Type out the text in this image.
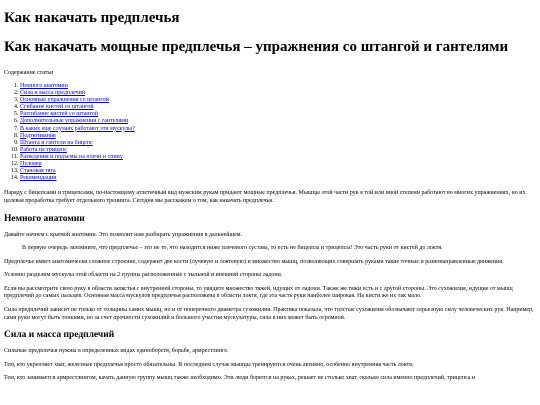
Как накачать предплечья
Как накачать мощные предплечья – упражнения со штангой и гантелями
Содержание статьи
1. Немного анатомии
2. Сила и масса предплечий
3. Основные упражнения со штангой
4. Сгибание кистей со штангой
5. Разгибание кистей со штангой
6. Дополнительные упражнения с гантелями
7. В каких еще случаях работают эти мускулы?
8. Подтягивания
9. Штанга и гантели на бицепс
10. Работа на трицепс
11. Разведения и подъемы на плечи и спину
12. Пуловер
13. Становая тяга
14. Рекомендации

Наряду с бицепсами и трицепсами, по-настоящему атлетичный вид мужским рукам придают мощные предплечья. Мышцы этой части рук в той или иной степени работают во многих упражнениях, но их целевая проработка требует отдельного тренинга. Сегодня мы расскажем о том, как накачать предплечья.

Немного анатомии

Давайте начнем с краткой анатомии. Это позволит нам разбирать упражнения в дальнейшем.

В первую очередь запомните, что предплечье – это не то, что находится ниже плечевого сустава, то есть не бицепсы и трицепсы! Это часть руки от кистей до локтя.

Предплечье имеет анатомически сложное строение, содержит две кости (лучевую и локтевую) и множество мышц, позволяющих совершать руками такие точные и разнонаправленные движения.

Условно разделим мускулы этой области на 2 группы расположенные с тыльной и внешней стороны ладони.

Если вы рассмотрите свою руку в области запястья с внутренней стороны, то увидите множество тяжей, идущих от ладони. Также же тяжи есть и с другой стороны. Это сухожилия, идущие от мышц предплечий до самых пальцев. Основная масса мускулов предплечья расположена в области локтя, где эта часть руки наиболее широкая. На кисти же их так мало.

Сила предплечий зависит не только от толщины самих мышц, но и от поперечного диаметра сухожилия. Практика показала, что толстые сухожилия обозначают серьезную силу человеческих рук. Например, сами руки могут быть тонкими, но за счет прочности сухожилий и большого участия мускулатуры, сила в них может быть огромной.

Сила и масса предплечий

Сильные предплечья нужны в определенных видах единоборств, борьбе, армрестлинге.

Тем, кто укрепляет хват, железные предплечья просто обязательны. В последнем случае мышцы тренируются очень активно, особенно внутренняя часть локтя.

Тем, кто занимается армрестлингом, качать данную группу мышц также необходимо. Эти люди борются на руках, решает не столько хват, сколько сила именно предплечий, трицепса и
